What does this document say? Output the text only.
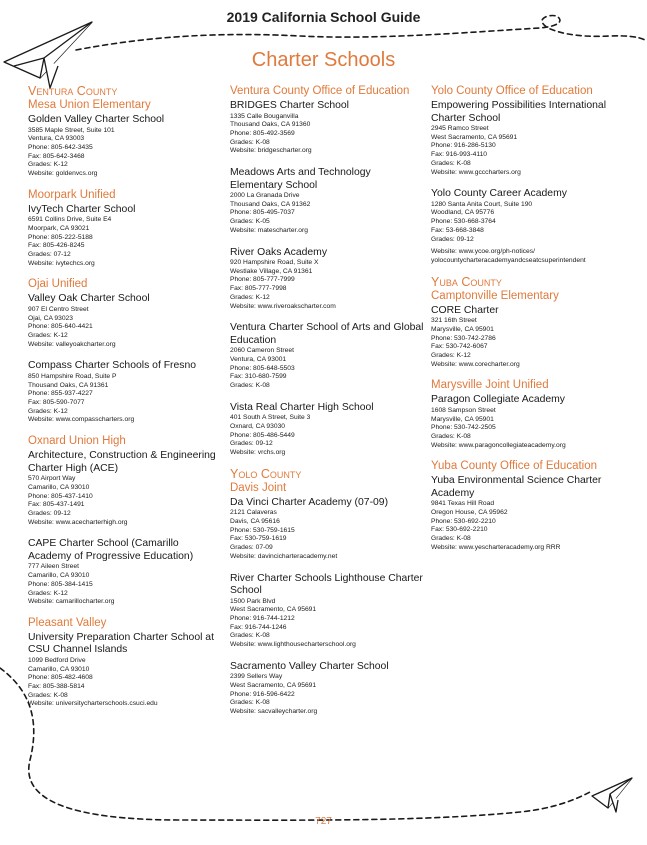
2019 California School Guide
Charter Schools
Ventura County
Mesa Union Elementary
Golden Valley Charter School
3585 Maple Street, Suite 101
Ventura, CA 93003
Phone: 805-642-3435
Fax: 805-642-3468
Grades: K-12
Website: goldenvcs.org
Moorpark Unified
IvyTech Charter School
6591 Collins Drive, Suite E4
Moorpark, CA 93021
Phone: 805-222-5188
Fax: 805-426-8245
Grades: 07-12
Website: ivytechcs.org
Ojai Unified
Valley Oak Charter School
907 El Centro Street
Ojai, CA 93023
Phone: 805-640-4421
Grades: K-12
Website: valleyoakcharter.org
Compass Charter Schools of Fresno
850 Hampshire Road, Suite P
Thousand Oaks, CA 91361
Phone: 855-937-4227
Fax: 805-590-7077
Grades: K-12
Website: www.compasscharters.org
Oxnard Union High
Architecture, Construction & Engineering Charter High (ACE)
570 Airport Way
Camarillo, CA 93010
Phone: 805-437-1410
Fax: 805-437-1491
Grades: 09-12
Website: www.acecharterhigh.org
CAPE Charter School (Camarillo Academy of Progressive Education)
777 Aileen Street
Camarillo, CA 93010
Phone: 805-384-1415
Grades: K-12
Website: camarillocharter.org
Pleasant Valley
University Preparation Charter School at CSU Channel Islands
1099 Bedford Drive
Camarillo, CA 93010
Phone: 805-482-4608
Fax: 805-388-5814
Grades: K-08
Website: universitycharterschools.csuci.edu
Ventura County Office of Education
BRIDGES Charter School
1335 Calle Bouganvilla
Thousand Oaks, CA 91360
Phone: 805-492-3569
Grades: K-08
Website: bridgescharter.org
Meadows Arts and Technology Elementary School
2000 La Granada Drive
Thousand Oaks, CA 91362
Phone: 805-495-7037
Grades: K-05
Website: matescharter.org
River Oaks Academy
920 Hampshire Road, Suite X
Westlake Village, CA 91361
Phone: 805-777-7999
Fax: 805-777-7998
Grades: K-12
Website: www.riveroakscharter.com
Ventura Charter School of Arts and Global Education
2060 Cameron Street
Ventura, CA 93001
Phone: 805-648-5503
Fax: 310-680-7599
Grades: K-08
Vista Real Charter High School
401 South A Street, Suite 3
Oxnard, CA 93030
Phone: 805-486-5449
Grades: 09-12
Website: vrchs.org
Yolo County
Davis Joint
Da Vinci Charter Academy (07-09)
2121 Calaveras
Davis, CA 95616
Phone: 530-759-1615
Fax: 530-759-1619
Grades: 07-09
Website: davincicharteracademy.net
River Charter Schools Lighthouse Charter School
1500 Park Blvd
West Sacramento, CA 95691
Phone: 916-744-1212
Fax: 916-744-1246
Grades: K-08
Website: www.lighthousecharterschool.org
Sacramento Valley Charter School
2399 Sellers Way
West Sacramento, CA 95691
Phone: 916-596-6422
Grades: K-08
Website: sacvalleycharter.org
Yolo County Office of Education
Empowering Possibilities International Charter School
2945 Ramco Street
West Sacramento, CA 95691
Phone: 916-286-5130
Fax: 916-993-4110
Grades: K-08
Website: www.gcccharters.org
Yolo County Career Academy
1280 Santa Anita Court, Suite 190
Woodland, CA 95776
Phone: 530-668-3764
Fax: 53-668-3848
Grades: 09-12
Website: www.ycoe.org/ph-notices/
yolocountycharteracademyandcseatcsuperintendent
Yuba County
Camptonville Elementary
CORE Charter
321 16th Street
Marysville, CA 95901
Phone: 530-742-2786
Fax: 530-742-6067
Grades: K-12
Website: www.corecharter.org
Marysville Joint Unified
Paragon Collegiate Academy
1608 Sampson Street
Marysville, CA 95901
Phone: 530-742-2505
Grades: K-08
Website: www.paragoncollegiateacademy.org
Yuba County Office of Education
Yuba Environmental Science Charter Academy
9841 Texas Hill Road
Oregon House, CA 95962
Phone: 530-692-2210
Fax: 530-692-2210
Grades: K-08
Website: www.yescharteracademy.org RRR
727
